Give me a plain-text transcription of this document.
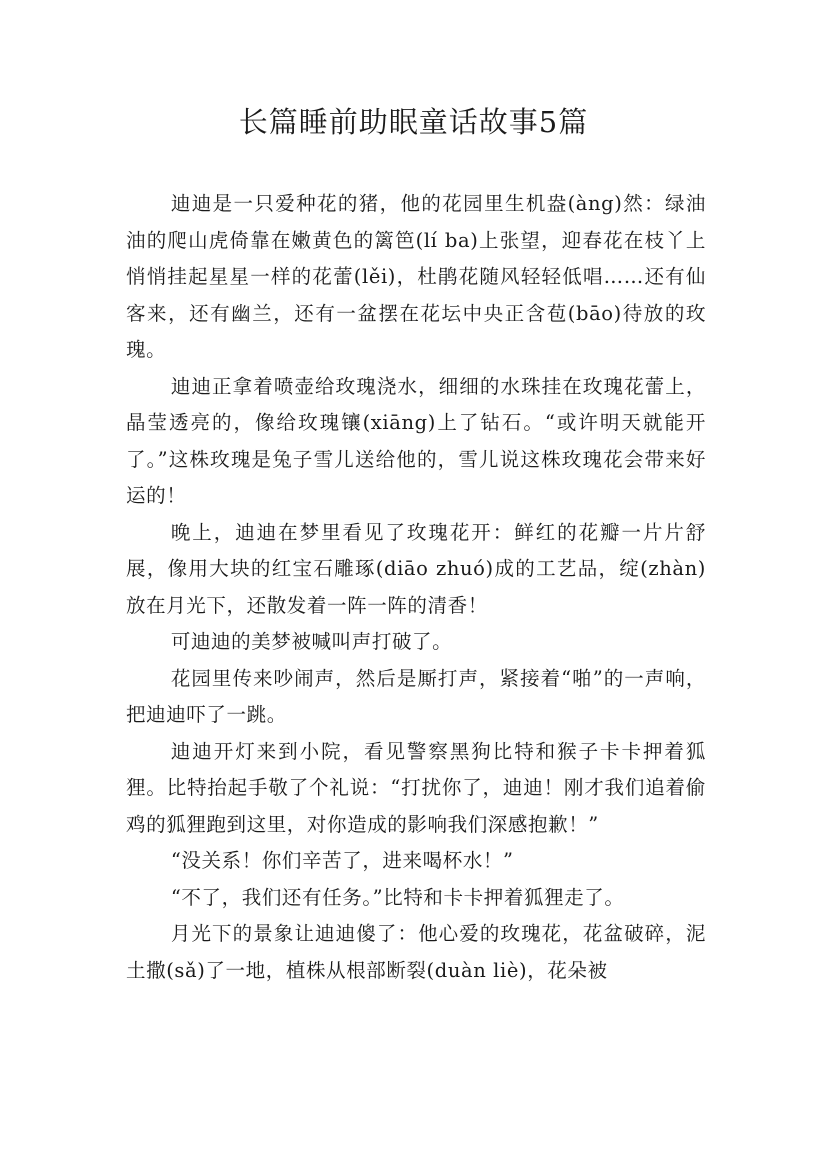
长篇睡前助眠童话故事5篇

迪迪是一只爱种花的猪，他的花园里生机盎(àng)然：绿油油的爬山虎倚靠在嫩黄色的篱笆(lí ba)上张望，迎春花在枝丫上悄悄挂起星星一样的花蕾(lěi)，杜鹃花随风轻轻低唱……还有仙客来，还有幽兰，还有一盆摆在花坛中央正含苞(bāo)待放的玫瑰。

迪迪正拿着喷壶给玫瑰浇水，细细的水珠挂在玫瑰花蕾上，晶莹透亮的，像给玫瑰镶(xiāng)上了钻石。“或许明天就能开了。”这株玫瑰是兔子雪儿送给他的，雪儿说这株玫瑰花会带来好运的！

晚上，迪迪在梦里看见了玫瑰花开：鲜红的花瓣一片片舒展，像用大块的红宝石雕琢(diāo zhuó)成的工艺品，绽(zhàn)放在月光下，还散发着一阵一阵的清香！

可迪迪的美梦被喊叫声打破了。

花园里传来吵闹声，然后是厮打声，紧接着“啪”的一声响，把迪迪吓了一跳。

迪迪开灯来到小院，看见警察黑狗比特和猴子卡卡押着狐狸。比特抬起手敬了个礼说：“打扰你了，迪迪！刚才我们追着偷鸡的狐狸跑到这里，对你造成的影响我们深感抱歉！”

“没关系！你们辛苦了，进来喝杯水！”

“不了，我们还有任务。”比特和卡卡押着狐狸走了。

月光下的景象让迪迪傻了：他心爱的玫瑰花，花盆破碎，泥土撒(sǎ)了一地，植株从根部断裂(duàn liè)，花朵被
